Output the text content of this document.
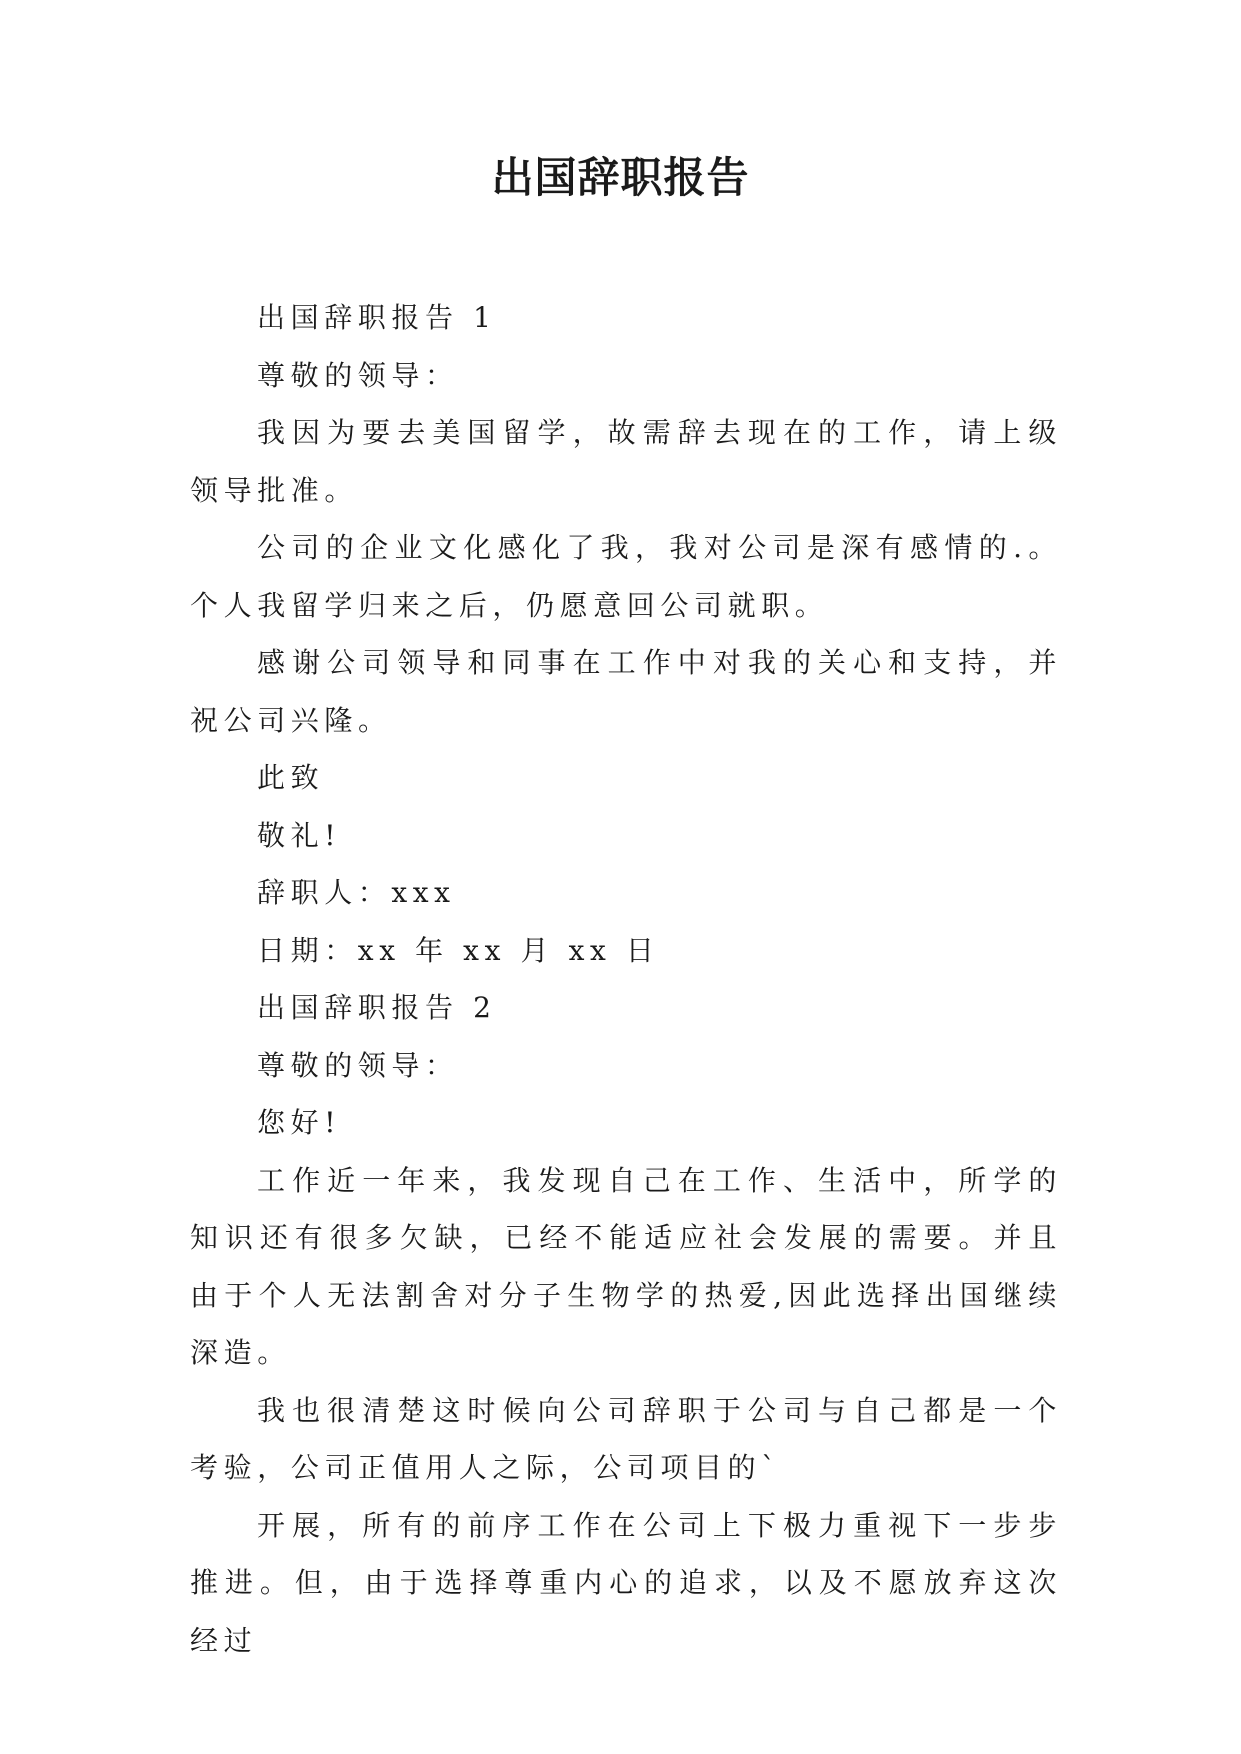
出国辞职报告

出国辞职报告 1

尊敬的领导：

我因为要去美国留学，故需辞去现在的工作，请上级领导批准。

公司的企业文化感化了我，我对公司是深有感情的.。个人我留学归来之后，仍愿意回公司就职。

感谢公司领导和同事在工作中对我的关心和支持，并祝公司兴隆。

此致

敬礼!

辞职人：xxx

日期：xx 年 xx 月 xx 日

出国辞职报告 2

尊敬的领导：

您好!

工作近一年来，我发现自己在工作、生活中，所学的知识还有很多欠缺，已经不能适应社会发展的需要。并且由于个人无法割舍对分子生物学的热爱,因此选择出国继续深造。

我也很清楚这时候向公司辞职于公司与自己都是一个考验，公司正值用人之际，公司项目的`

开展，所有的前序工作在公司上下极力重视下一步步推进。但，由于选择尊重内心的追求，以及不愿放弃这次经过
